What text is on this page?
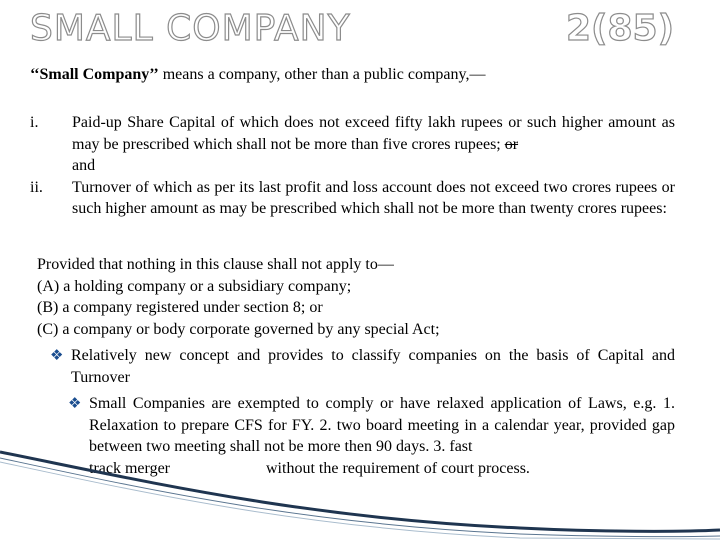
SMALL COMPANY	2(85)
‘‘Small Company’’ means a company, other than a public company,—
i. Paid-up Share Capital of which does not exceed fifty lakh rupees or such higher amount as may be prescribed which shall not be more than five crores rupees; or
and
ii. Turnover of which as per its last profit and loss account does not exceed two crores rupees or such higher amount as may be prescribed which shall not be more than twenty crores rupees:
Provided that nothing in this clause shall not apply to—
(A) a holding company or a subsidiary company;
(B) a company registered under section 8; or
(C) a company or body corporate governed by any special Act;
❖ Relatively new concept and provides to classify companies on the basis of Capital and Turnover
❖ Small Companies are exempted to comply or have relaxed application of Laws, e.g. 1. Relaxation to prepare CFS for FY. 2. two board meeting in a calendar year, provided gap between two meeting shall not be more then 90 days. 3. fast
track merger	without the requirement of court process.
